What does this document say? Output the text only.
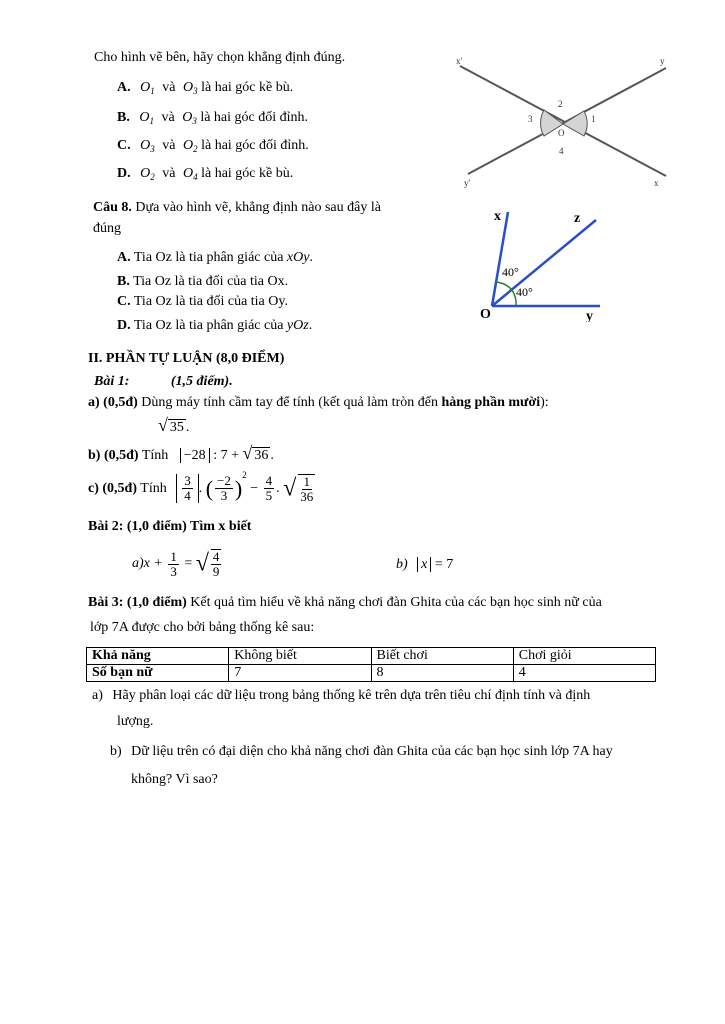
Cho hình vẽ bên, hãy chọn khẳng định đúng.
A. $O_1$ và $O_3$ là hai góc kề bù.
B. $O_1$ và $O_3$ là hai góc đối đỉnh.
C. $O_3$ và $O_2$ là hai góc đối đỉnh.
D. $O_2$ và $O_4$ là hai góc kề bù.
x'	y
y'	x
2
3
O
1
4
Câu 8. Dựa vào hình vẽ, khẳng định nào sau đây là
đúng
A. Tia Oz là tia phân giác của xOy.
B. Tia Oz là tia đối của tia Ox.
C. Tia Oz là tia đối của tia Oy.
D. Tia Oz là tia phân giác của yOz.
x	z
O	y
40°
40°
II. PHẦN TỰ LUẬN (8,0 ĐIỂM)
Bài 1:	(1,5 điểm).
a) (0,5đ) Dùng máy tính cầm tay để tính (kết quả làm tròn đến hàng phần mười):
√ 35 .
b) (0,5đ) Tính −28 : 7 + √ 36 .
c) (0,5đ) Tính $\frac{3}{4}$ . ( $\frac{-2}{3} )^2 - \frac{4}{5}$ . √ $\frac{1}{36}$
Bài 2: (1,0 điểm) Tìm x biết
$a)x + \frac{1}{3}$ = √ $\frac{4}{9}$	b) x = 7
Bài 3: (1,0 điểm) Kết quả tìm hiểu về khả năng chơi đàn Ghita của các bạn học sinh nữ của
lớp 7A được cho bởi bảng thống kê sau:
Khả năng	Không biết	Biết chơi	Chơi giỏi
Số bạn nữ	7	8	4
a) Hãy phân loại các dữ liệu trong bảng thống kê trên dựa trên tiêu chí định tính và định
lượng.
b) Dữ liệu trên có đại diện cho khả năng chơi đàn Ghita của các bạn học sinh lớp 7A hay
không? Vì sao?
